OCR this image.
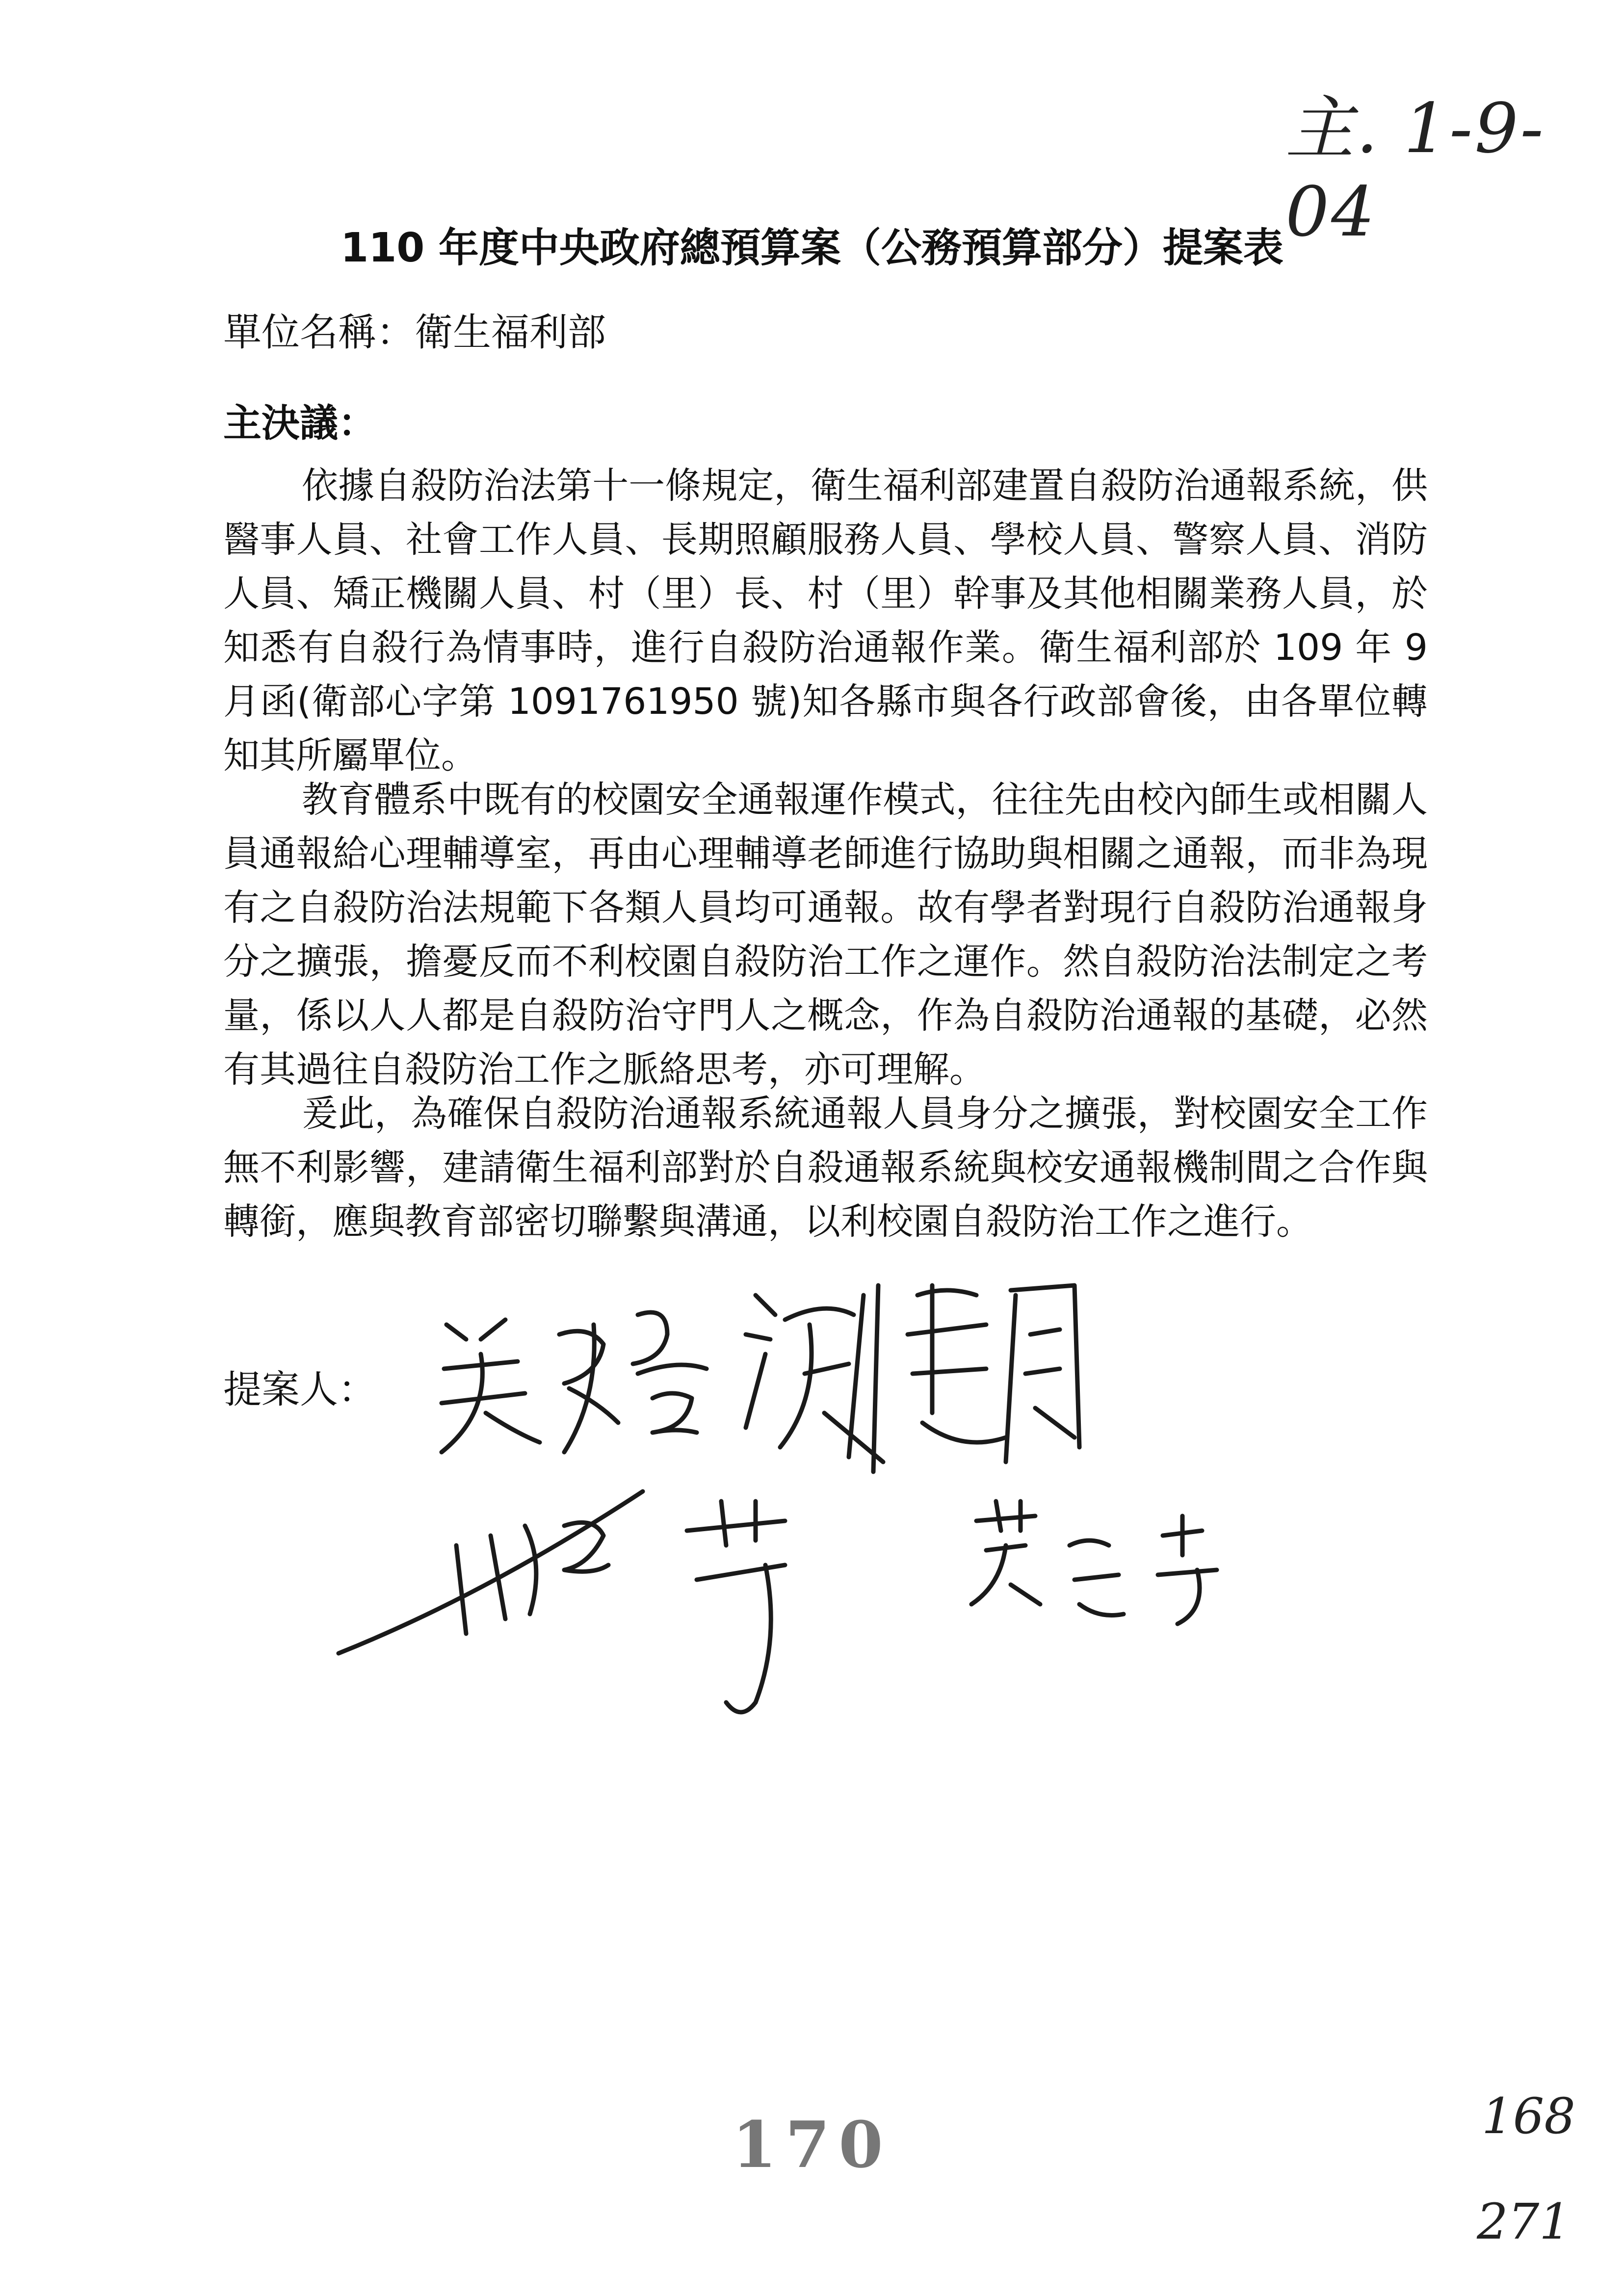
主. 1-9-04
110 年度中央政府總預算案（公務預算部分）提案表
單位名稱：衛生福利部
主決議：
依據自殺防治法第十一條規定，衛生福利部建置自殺防治通報系統，供醫事人員、社會工作人員、長期照顧服務人員、學校人員、警察人員、消防人員、矯正機關人員、村（里）長、村（里）幹事及其他相關業務人員，於知悉有自殺行為情事時，進行自殺防治通報作業。衛生福利部於 109 年 9 月函(衛部心字第 1091761950 號)知各縣市與各行政部會後，由各單位轉知其所屬單位。
教育體系中既有的校園安全通報運作模式，往往先由校內師生或相關人員通報給心理輔導室，再由心理輔導老師進行協助與相關之通報，而非為現有之自殺防治法規範下各類人員均可通報。故有學者對現行自殺防治通報身分之擴張，擔憂反而不利校園自殺防治工作之運作。然自殺防治法制定之考量，係以人人都是自殺防治守門人之概念，作為自殺防治通報的基礎，必然有其過往自殺防治工作之脈絡思考，亦可理解。
爰此，為確保自殺防治通報系統通報人員身分之擴張，對校園安全工作無不利影響，建請衛生福利部對於自殺通報系統與校安通報機制間之合作與轉銜，應與教育部密切聯繫與溝通，以利校園自殺防治工作之進行。
提案人：
170	168
271
